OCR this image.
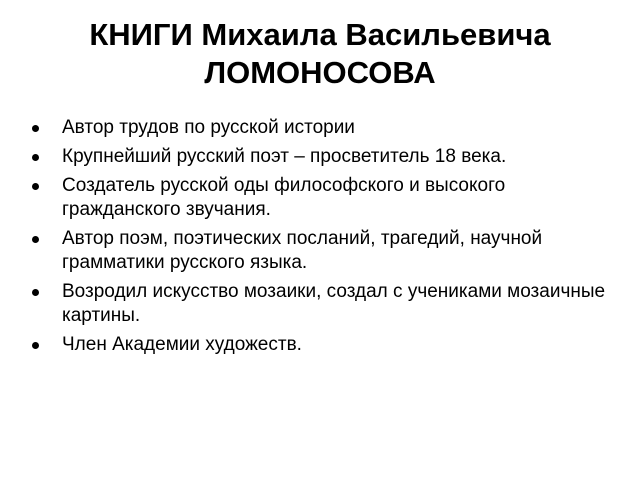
КНИГИ Михаила Васильевича
ЛОМОНОСОВА
Автор трудов по русской истории
Крупнейший русский поэт – просветитель 18 века.
Создатель русской оды философского и высокого гражданского звучания.
Автор поэм, поэтических посланий, трагедий, научной грамматики русского языка.
Возродил искусство мозаики, создал с учениками мозаичные картины.
Член Академии художеств.
